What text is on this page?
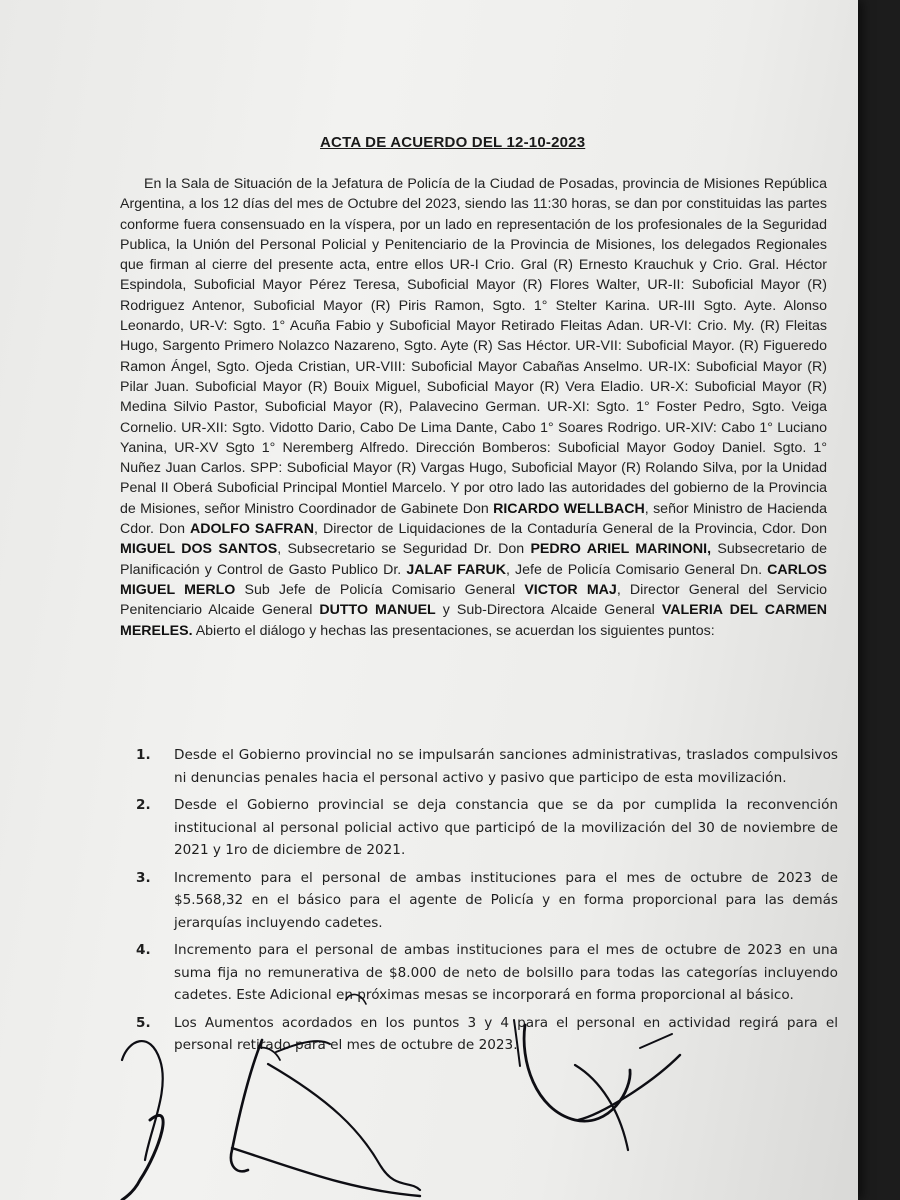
ACTA DE ACUERDO DEL 12-10-2023
En la Sala de Situación de la Jefatura de Policía de la Ciudad de Posadas, provincia de Misiones República Argentina, a los 12 días del mes de Octubre del 2023, siendo las 11:30 horas, se dan por constituidas las partes conforme fuera consensuado en la víspera, por un lado en representación de los profesionales de la Seguridad Publica, la Unión del Personal Policial y Penitenciario de la Provincia de Misiones, los delegados Regionales que firman al cierre del presente acta, entre ellos UR-I Crio. Gral (R) Ernesto Krauchuk y Crio. Gral. Héctor Espindola, Suboficial Mayor Pérez Teresa, Suboficial Mayor (R) Flores Walter, UR-II: Suboficial Mayor (R) Rodriguez Antenor, Suboficial Mayor (R) Piris Ramon, Sgto. 1° Stelter Karina. UR-III Sgto. Ayte. Alonso Leonardo, UR-V: Sgto. 1° Acuña Fabio y Suboficial Mayor Retirado Fleitas Adan. UR-VI: Crio. My. (R) Fleitas Hugo, Sargento Primero Nolazco Nazareno, Sgto. Ayte (R) Sas Héctor. UR-VII: Suboficial Mayor. (R) Figueredo Ramon Ángel, Sgto. Ojeda Cristian, UR-VIII: Suboficial Mayor Cabañas Anselmo. UR-IX: Suboficial Mayor (R) Pilar Juan. Suboficial Mayor (R) Bouix Miguel, Suboficial Mayor (R) Vera Eladio. UR-X: Suboficial Mayor (R) Medina Silvio Pastor, Suboficial Mayor (R), Palavecino German. UR-XI: Sgto. 1° Foster Pedro, Sgto. Veiga Cornelio. UR-XII: Sgto. Vidotto Dario, Cabo De Lima Dante, Cabo 1° Soares Rodrigo. UR-XIV: Cabo 1° Luciano Yanina, UR-XV Sgto 1° Neremberg Alfredo. Dirección Bomberos: Suboficial Mayor Godoy Daniel. Sgto. 1° Nuñez Juan Carlos. SPP: Suboficial Mayor (R) Vargas Hugo, Suboficial Mayor (R) Rolando Silva, por la Unidad Penal II Oberá Suboficial Principal Montiel Marcelo. Y por otro lado las autoridades del gobierno de la Provincia de Misiones, señor Ministro Coordinador de Gabinete Don RICARDO WELLBACH, señor Ministro de Hacienda Cdor. Don ADOLFO SAFRAN, Director de Liquidaciones de la Contaduría General de la Provincia, Cdor. Don MIGUEL DOS SANTOS, Subsecretario se Seguridad Dr. Don PEDRO ARIEL MARINONI, Subsecretario de Planificación y Control de Gasto Publico Dr. JALAF FARUK, Jefe de Policía Comisario General Dn. CARLOS MIGUEL MERLO Sub Jefe de Policía Comisario General VICTOR MAJ, Director General del Servicio Penitenciario Alcaide General DUTTO MANUEL y Sub-Directora Alcaide General VALERIA DEL CARMEN MERELES. Abierto el diálogo y hechas las presentaciones, se acuerdan los siguientes puntos:
1.	Desde el Gobierno provincial no se impulsarán sanciones administrativas, traslados compulsivos ni denuncias penales hacia el personal activo y pasivo que participo de esta movilización.
2.	Desde el Gobierno provincial se deja constancia que se da por cumplida la reconvención institucional al personal policial activo que participó de la movilización del 30 de noviembre de 2021 y 1ro de diciembre de 2021.
3.	Incremento para el personal de ambas instituciones para el mes de octubre de 2023 de $5.568,32 en el básico para el agente de Policía y en forma proporcional para las demás jerarquías incluyendo cadetes.
4.	Incremento para el personal de ambas instituciones para el mes de octubre de 2023 en una suma fija no remunerativa de $8.000 de neto de bolsillo para todas las categorías incluyendo cadetes. Este Adicional en próximas mesas se incorporará en forma proporcional al básico.
5.	Los Aumentos acordados en los puntos 3 y 4 para el personal en actividad regirá para el personal retirado para el mes de octubre de 2023.
